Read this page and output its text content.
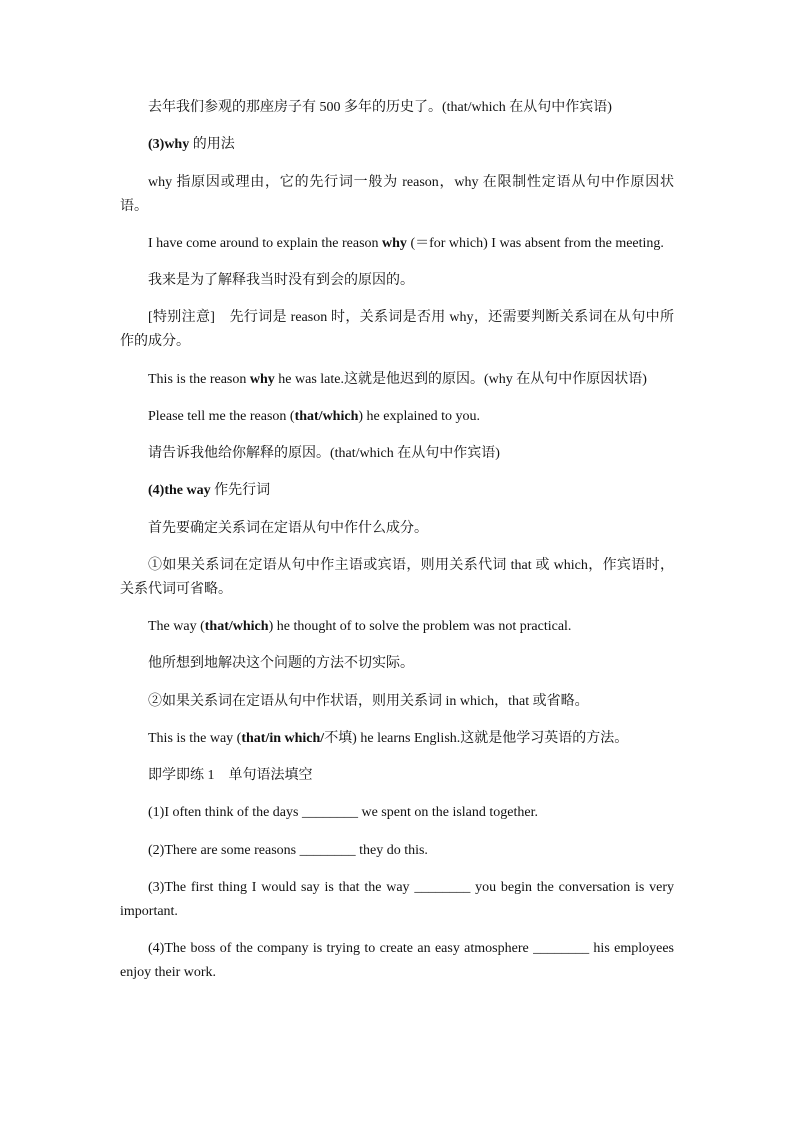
去年我们参观的那座房子有 500 多年的历史了。(that/which 在从句中作宾语)

(3)why 的用法

why 指原因或理由，它的先行词一般为 reason，why 在限制性定语从句中作原因状语。

I have come around to explain the reason why (＝for which) I was absent from the meeting.

我来是为了解释我当时没有到会的原因的。

[特别注意]　先行词是 reason 时，关系词是否用 why，还需要判断关系词在从句中所作的成分。

This is the reason why he was late.这就是他迟到的原因。(why 在从句中作原因状语)

Please tell me the reason (that/which) he explained to you.

请告诉我他给你解释的原因。(that/which 在从句中作宾语)

(4)the way 作先行词

首先要确定关系词在定语从句中作什么成分。

①如果关系词在定语从句中作主语或宾语，则用关系代词 that 或 which，作宾语时，关系代词可省略。

The way (that/which) he thought of to solve the problem was not practical.

他所想到地解决这个问题的方法不切实际。

②如果关系词在定语从句中作状语，则用关系词 in which，that 或省略。

This is the way (that/in which/不填) he learns English.这就是他学习英语的方法。

即学即练 1　单句语法填空

(1)I often think of the days ________ we spent on the island together.

(2)There are some reasons ________ they do this.

(3)The first thing I would say is that the way ________ you begin the conversation is very important.

(4)The boss of the company is trying to create an easy atmosphere ________ his employees enjoy their work.
